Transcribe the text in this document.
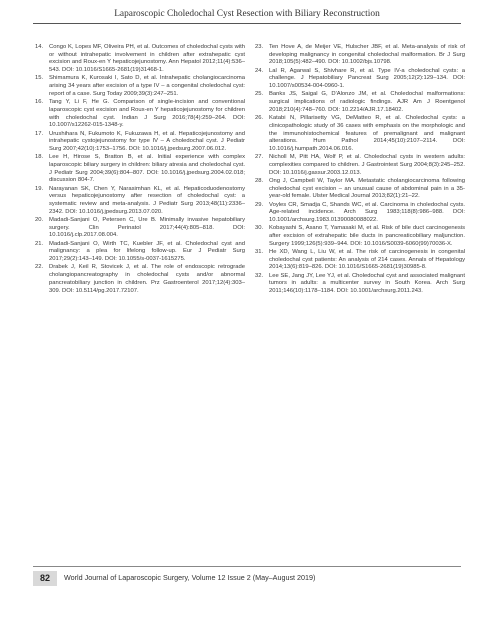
Laparoscopic Choledochal Cyst Resection with Biliary Reconstruction
14.	Congo K, Lopes MF, Oliveira PH, et al. Outcomes of choledochal cysts with or without intrahepatic involvement in children after extrahepatic cyst excision and Roux-en Y hepaticojejunostomy. Ann Hepatol 2012;11(4):536–543. DOI: 10.1016/S1665-2681(19)31468-1.
15.	Shimamura K, Kurosaki I, Sato D, et al. Intrahepatic cholangiocarcinoma arising 34 years after excision of a type IV – a congenital choledochal cyst: report of a case. Surg Today 2009;39(3):247–251.
16.	Tang Y, Li F, He G. Comparison of single-incision and conventional laparoscopic cyst excision and Roux-en Y hepaticojejunostomy for children with choledochal cyst. Indian J Surg 2016;78(4):259–264. DOI: 10.1007/s12262-015-1348-y.
17.	Urushihara N, Fukumoto K, Fukuzawa H, et al. Hepaticojejunostomy and intrahepatic cystojejunostomy for type IV – A choledochal cyst. J Pediatr Surg 2007;42(10):1753–1756. DOI: 10.1016/j.jpedsurg.2007.06.012.
18.	Lee H, Hirose S, Bratton B, et al. Initial experience with complex laparoscopic biliary surgery in children: biliary atresia and choledochal cyst. J Pediatr Surg 2004;39(6):804–807. DOI: 10.1016/j.jpedsurg.2004.02.018; discussion 804-7.
19.	Narayanan SK, Chen Y, Narasimhan KL, et al. Hepaticoduodenostomy versus hepaticojejunostomy after resection of choledochal cyst: a systematic review and meta-analysis. J Pediatr Surg 2013;48(11):2336–2342. DOI: 10.1016/j.jpedsurg.2013.07.020.
20.	Madadi-Sanjani O, Petersen C, Ure B. Minimally invasive hepatobiliary surgery. Clin Perinatol 2017;44(4):805–818. DOI: 10.1016/j.clp.2017.08.004.
21.	Madadi-Sanjani O, Wirth TC, Kuebler JF, et al. Choledochal cyst and malignancy: a plea for lifelong follow-up. Eur J Pediatr Surg 2017;29(2):143–149. DOI: 10.1055/s-0037-1615275.
22.	Drabek J, Keil R, Stovicek J, et al. The role of endoscopic retrograde cholangiopancreatography in choledochal cysts and/or abnormal pancreatobiliary junction in children. Prz Gastroenterol 2017;12(4):303–309. DOI: 10.5114/pg.2017.72107.
23.	Ten Hove A, de Meijer VE, Hulscher JBF, et al. Meta-analysis of risk of developing malignancy in congenital choledochal malformation. Br J Surg 2018;105(5):482–490. DOI: 10.1002/bjs.10798.
24.	Lal R, Agarwal S, Shivhare R, et al. Type IV-a choledochal cysts: a challenge. J Hepatobiliary Pancreat Surg 2005;12(2):129–134. DOI: 10.1007/s00534-004-0960-1.
25.	Banks JS, Saigal G, D'Alonzo JM, et al. Choledochal malformations: surgical implications of radiologic findings. AJR Am J Roentgenol 2018;210(4):748–760. DOI: 10.2214/AJR.17.18402.
26.	Katabi N, Pillarisetty VG, DeMatteo R, et al. Choledochal cysts: a clinicopathologic study of 36 cases with emphasis on the morphologic and the immunohistochemical features of premalignant and malignant alterations. Hum Pathol 2014;45(10):2107–2114. DOI: 10.1016/j.humpath.2014.06.016.
27.	Nicholl M, Pitt HA, Wolf P, et al. Choledochal cysts in western adults: complexities compared to children. J Gastrointest Surg 2004;8(3):245–252. DOI: 10.1016/j.gassur.2003.12.013.
28.	Ong J, Campbell W, Taylor MA. Metastatic cholangiocarcinoma following choledochal cyst excision – an unusual cause of abdominal pain in a 35-year-old female. Ulster Medical Journal 2013;82(1):21–22.
29.	Voyles CR, Smadja C, Shands WC, et al. Carcinoma in choledochal cysts. Age-related incidence. Arch Surg 1983;118(8):986–988. DOI: 10.1001/archsurg.1983.01390080088022.
30.	Kobayashi S, Asano T, Yamasaki M, et al. Risk of bile duct carcinogenesis after excision of extrahepatic bile ducts in pancreaticobiliary maljunction. Surgery 1999;126(5):939–944. DOI: 10.1016/S0039-6060(99)70036-X.
31.	He XD, Wang L, Liu W, et al. The risk of carcinogenesis in congenital choledochal cyst patients: An analysis of 214 cases. Annals of Hepatology 2014;13(6):819–826. DOI: 10.1016/S1665-2681(19)30985-8.
32.	Lee SE, Jang JY, Lee YJ, et al. Choledochal cyst and associated malignant tumors in adults: a multicenter survey in South Korea. Arch Surg 2011;146(10):1178–1184. DOI: 10.1001/archsurg.2011.243.
82	World Journal of Laparoscopic Surgery, Volume 12 Issue 2 (May–August 2019)
